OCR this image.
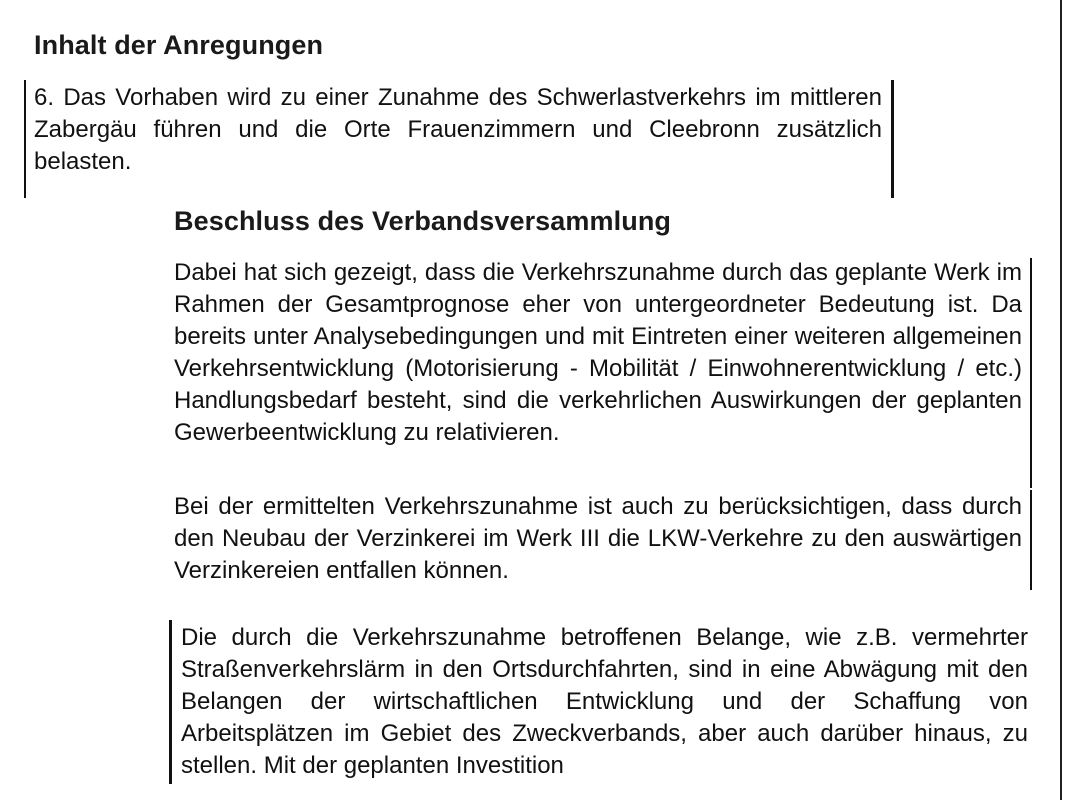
Inhalt der Anregungen

6. Das Vorhaben wird zu einer Zunahme des Schwerlastverkehrs im mittleren Zabergäu führen und die Orte Frauenzimmern und Cleebronn zusätzlich belasten.

Beschluss des Verbandsversammlung

Dabei hat sich gezeigt, dass die Verkehrszunahme durch das geplante Werk im Rahmen der Gesamtprognose eher von untergeordneter Bedeutung ist. Da bereits unter Analysebedingungen und mit Eintreten einer weiteren allgemeinen Verkehrsentwicklung (Motorisierung - Mobilität / Einwohnerentwicklung / etc.) Handlungsbedarf besteht, sind die verkehrlichen Auswirkungen der geplanten Gewerbeentwicklung zu relativieren.

Bei der ermittelten Verkehrszunahme ist auch zu berücksichtigen, dass durch den Neubau der Verzinkerei im Werk III die LKW-Verkehre zu den auswärtigen Verzinkereien entfallen können.

Die durch die Verkehrszunahme betroffenen Belange, wie z.B. vermehrter Straßenverkehrslärm in den Ortsdurchfahrten, sind in eine Abwägung mit den Belangen der wirtschaftlichen Entwicklung und der Schaffung von Arbeitsplätzen im Gebiet des Zweckverbands, aber auch darüber hinaus, zu stellen. Mit der geplanten Investition
